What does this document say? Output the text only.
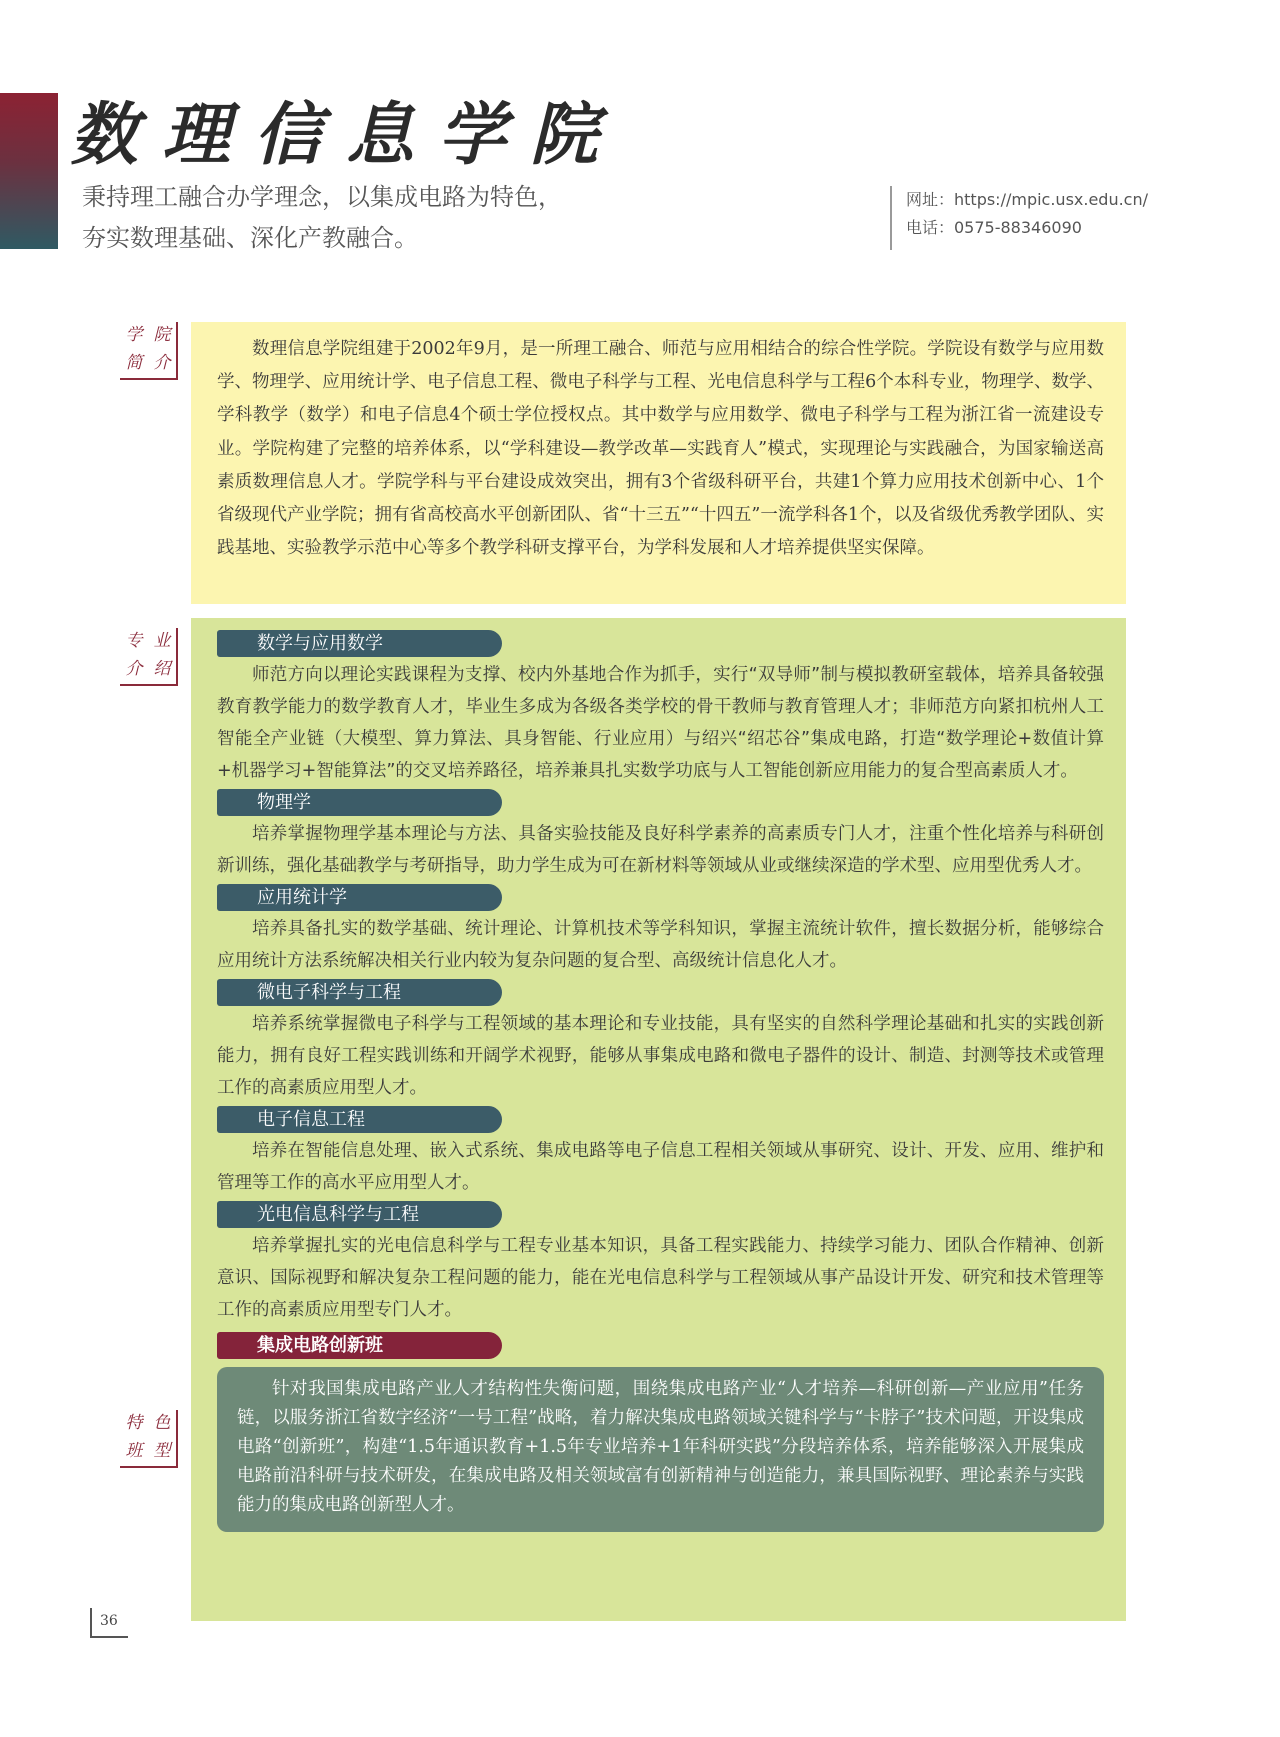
数理信息学院
秉持理工融合办学理念，以集成电路为特色，
夯实数理基础、深化产教融合。
网址：https://mpic.usx.edu.cn/
电话：0575-88346090
学
简
院
介
专
介
业
绍
特
班
色
型
数理信息学院组建于2002年9月，是一所理工融合、师范与应用相结合的综合性学院。学院设有数学与应用数学、物理学、应用统计学、电子信息工程、微电子科学与工程、光电信息科学与工程6个本科专业，物理学、数学、学科教学（数学）和电子信息4个硕士学位授权点。其中数学与应用数学、微电子科学与工程为浙江省一流建设专业。学院构建了完整的培养体系，以“学科建设—教学改革—实践育人”模式，实现理论与实践融合，为国家输送高素质数理信息人才。学院学科与平台建设成效突出，拥有3个省级科研平台，共建1个算力应用技术创新中心、1个省级现代产业学院；拥有省高校高水平创新团队、省“十三五”“十四五”一流学科各1个，以及省级优秀教学团队、实践基地、实验教学示范中心等多个教学科研支撑平台，为学科发展和人才培养提供坚实保障。
数学与应用数学
师范方向以理论实践课程为支撑、校内外基地合作为抓手，实行“双导师”制与模拟教研室载体，培养具备较强教育教学能力的数学教育人才，毕业生多成为各级各类学校的骨干教师与教育管理人才；非师范方向紧扣杭州人工智能全产业链（大模型、算力算法、具身智能、行业应用）与绍兴“绍芯谷”集成电路，打造“数学理论+数值计算+机器学习+智能算法”的交叉培养路径，培养兼具扎实数学功底与人工智能创新应用能力的复合型高素质人才。
物理学
培养掌握物理学基本理论与方法、具备实验技能及良好科学素养的高素质专门人才，注重个性化培养与科研创新训练，强化基础教学与考研指导，助力学生成为可在新材料等领域从业或继续深造的学术型、应用型优秀人才。
应用统计学
培养具备扎实的数学基础、统计理论、计算机技术等学科知识，掌握主流统计软件，擅长数据分析，能够综合应用统计方法系统解决相关行业内较为复杂问题的复合型、高级统计信息化人才。
微电子科学与工程
培养系统掌握微电子科学与工程领域的基本理论和专业技能，具有坚实的自然科学理论基础和扎实的实践创新能力，拥有良好工程实践训练和开阔学术视野，能够从事集成电路和微电子器件的设计、制造、封测等技术或管理工作的高素质应用型人才。
电子信息工程
培养在智能信息处理、嵌入式系统、集成电路等电子信息工程相关领域从事研究、设计、开发、应用、维护和管理等工作的高水平应用型人才。
光电信息科学与工程
培养掌握扎实的光电信息科学与工程专业基本知识，具备工程实践能力、持续学习能力、团队合作精神、创新意识、国际视野和解决复杂工程问题的能力，能在光电信息科学与工程领域从事产品设计开发、研究和技术管理等工作的高素质应用型专门人才。
集成电路创新班
针对我国集成电路产业人才结构性失衡问题，围绕集成电路产业“人才培养—科研创新—产业应用”任务链，以服务浙江省数字经济“一号工程”战略，着力解决集成电路领域关键科学与“卡脖子”技术问题，开设集成电路“创新班”，构建“1.5年通识教育+1.5年专业培养+1年科研实践”分段培养体系，培养能够深入开展集成电路前沿科研与技术研发，在集成电路及相关领域富有创新精神与创造能力，兼具国际视野、理论素养与实践能力的集成电路创新型人才。
36
